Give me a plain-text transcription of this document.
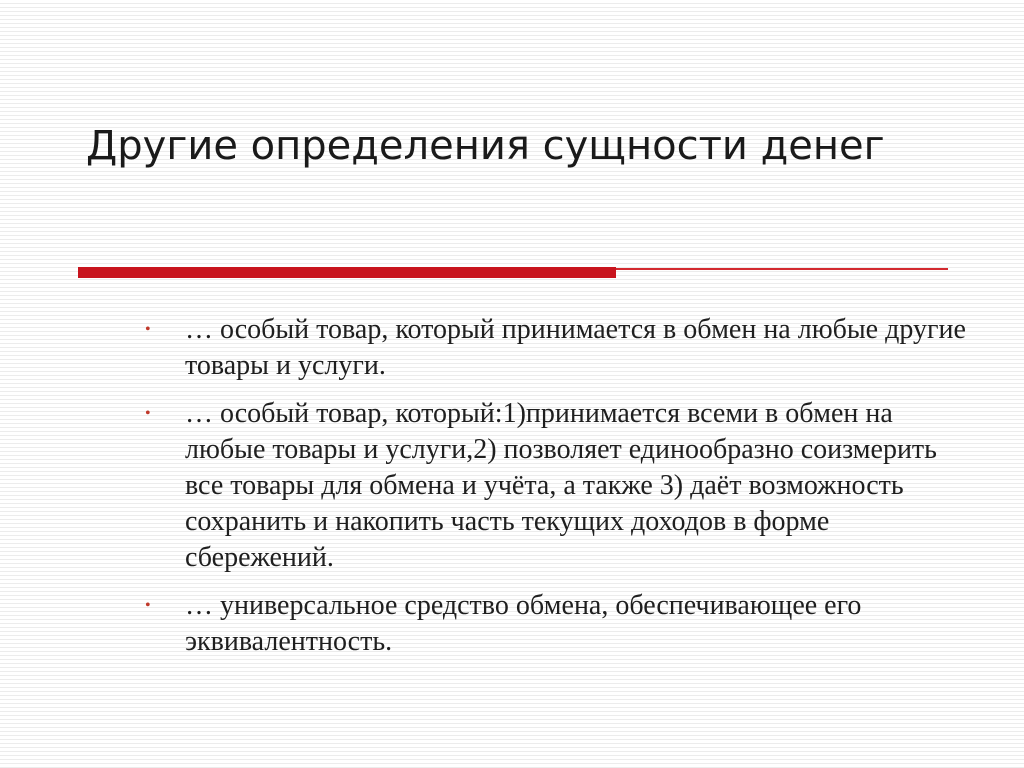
Другие определения сущности денег
• … особый товар, который принимается в обмен на любые другие товары и услуги.
• … особый товар, который:1)принимается всеми в обмен на любые товары и услуги,2) позволяет единообразно соизмерить все товары для обмена и учёта, а также 3) даёт возможность сохранить и накопить часть текущих доходов в форме сбережений.
• … универсальное средство обмена, обеспечивающее его эквивалентность.
